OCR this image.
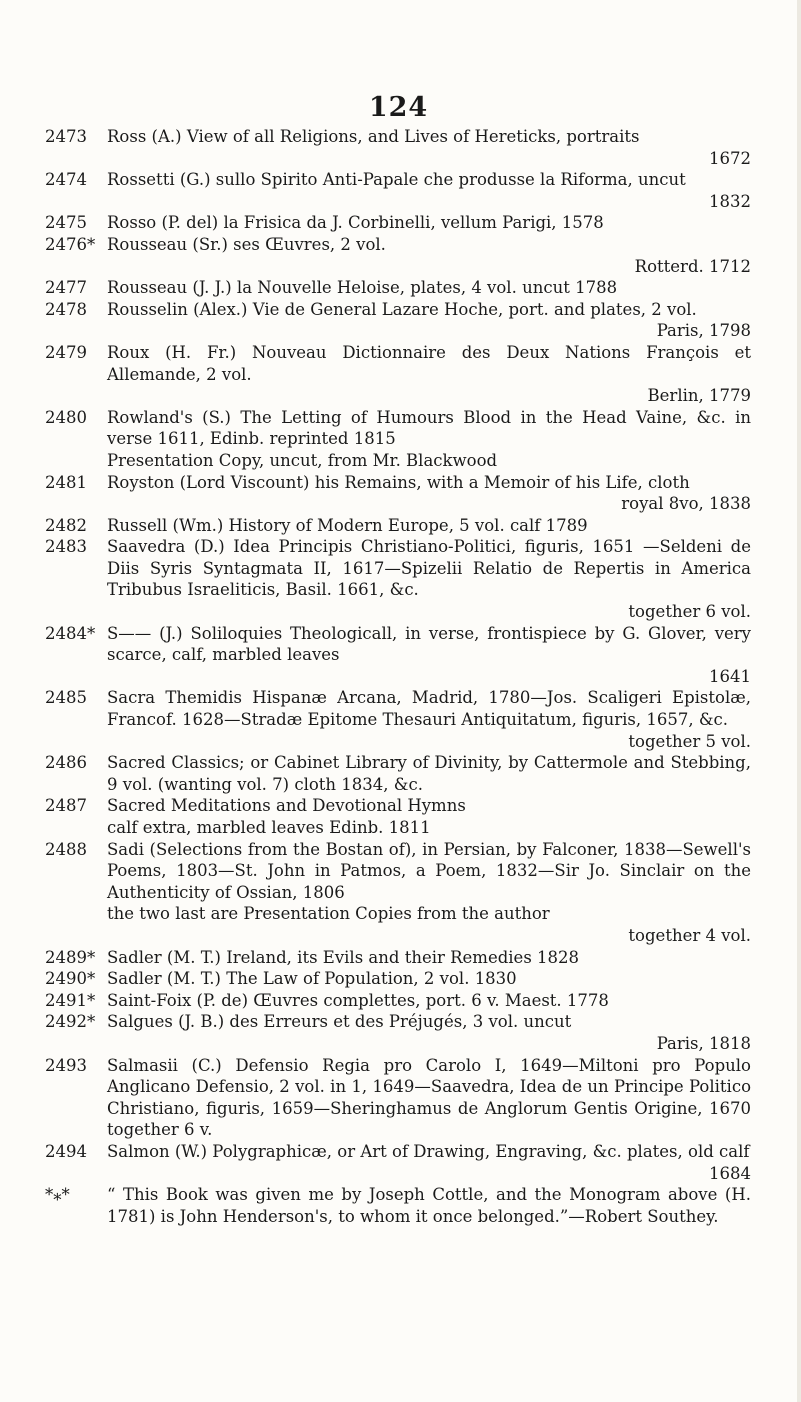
124
2473 Ross (A.) View of all Religions, and Lives of Hereticks, portraits
1672
2474 Rossetti (G.) sullo Spirito Anti-Papale che produsse la Riforma, uncut
1832
2475 Rosso (P. del) la Frisica da J. Corbinelli, vellum Parigi, 1578
2476* Rousseau (Sr.) ses Œuvres, 2 vol.
Rotterd. 1712
2477 Rousseau (J. J.) la Nouvelle Heloise, plates, 4 vol. uncut 1788
2478 Rousselin (Alex.) Vie de General Lazare Hoche, port. and plates, 2 vol.
Paris, 1798
2479 Roux (H. Fr.) Nouveau Dictionnaire des Deux Nations François et Allemande, 2 vol.
Berlin, 1779
2480 Rowland's (S.) The Letting of Humours Blood in the Head Vaine, &c. in verse 1611, Edinb. reprinted 1815
Presentation Copy, uncut, from Mr. Blackwood
2481 Royston (Lord Viscount) his Remains, with a Memoir of his Life, cloth
royal 8vo, 1838
2482 Russell (Wm.) History of Modern Europe, 5 vol. calf 1789
2483 Saavedra (D.) Idea Principis Christiano-Politici, figuris, 1651 —Seldeni de Diis Syris Syntagmata II, 1617—Spizelii Relatio de Repertis in America Tribubus Israeliticis, Basil. 1661, &c.
together 6 vol.
2484* S—— (J.) Soliloquies Theologicall, in verse, frontispiece by G. Glover, very scarce, calf, marbled leaves
1641
2485 Sacra Themidis Hispanæ Arcana, Madrid, 1780—Jos. Scaligeri Epistolæ, Francof. 1628—Stradæ Epitome Thesauri Antiquitatum, figuris, 1657, &c.
together 5 vol.
2486 Sacred Classics; or Cabinet Library of Divinity, by Cattermole and Stebbing, 9 vol. (wanting vol. 7) cloth 1834, &c.
2487 Sacred Meditations and Devotional Hymns
calf extra, marbled leaves Edinb. 1811
2488 Sadi (Selections from the Bostan of), in Persian, by Falconer, 1838—Sewell's Poems, 1803—St. John in Patmos, a Poem, 1832—Sir Jo. Sinclair on the Authenticity of Ossian, 1806
the two last are Presentation Copies from the author
together 4 vol.
2489* Sadler (M. T.) Ireland, its Evils and their Remedies 1828
2490* Sadler (M. T.) The Law of Population, 2 vol. 1830
2491* Saint-Foix (P. de) Œuvres complettes, port. 6 v. Maest. 1778
2492* Salgues (J. B.) des Erreurs et des Préjugés, 3 vol. uncut
Paris, 1818
2493 Salmasii (C.) Defensio Regia pro Carolo I, 1649—Miltoni pro Populo Anglicano Defensio, 2 vol. in 1, 1649—Saavedra, Idea de un Principe Politico Christiano, figuris, 1659—Sheringhamus de Anglorum Gentis Origine, 1670 together 6 v.
2494 Salmon (W.) Polygraphicæ, or Art of Drawing, Engraving, &c. plates, old calf
1684
*⁎* “ This Book was given me by Joseph Cottle, and the Monogram above (H. 1781) is John Henderson's, to whom it once belonged.”—Robert Southey.
